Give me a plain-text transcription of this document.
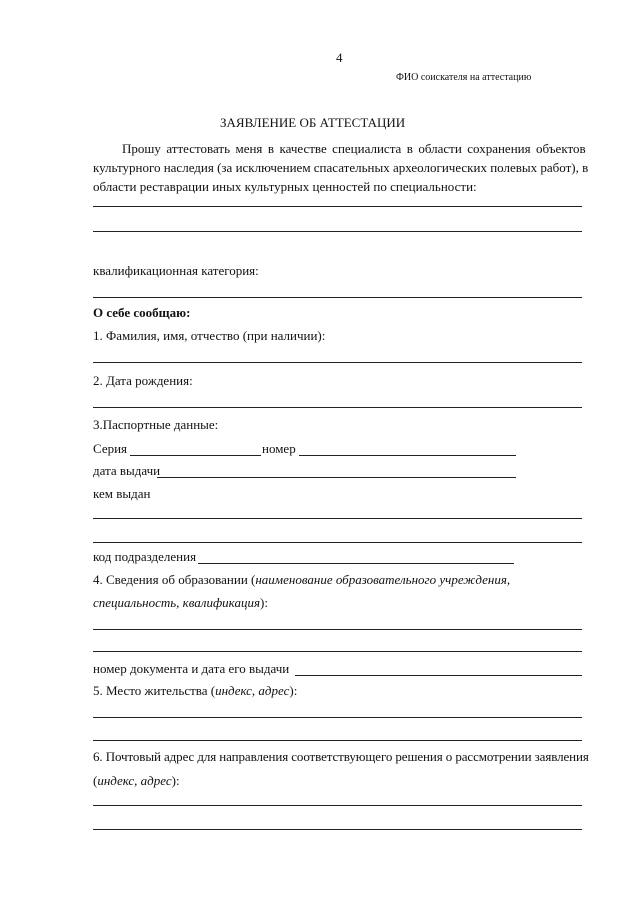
4
ФИО соискателя на аттестацию
ЗАЯВЛЕНИЕ ОБ АТТЕСТАЦИИ
Прошу аттестовать меня в качестве специалиста в области сохранения объектов
культурного наследия (за исключением спасательных археологических полевых работ), в
области реставрации иных культурных ценностей по специальности:
квалификационная категория:
О себе сообщаю:
1. Фамилия, имя, отчество (при наличии):
2. Дата рождения:
3.Паспортные данные:
Серия	номер
дата выдачи
кем выдан
код подразделения
4. Сведения об образовании (наименование образовательного учреждения,
специальность, квалификация):
номер документа и дата его выдачи
5. Место жительства (индекс, адрес):
6. Почтовый адрес для направления соответствующего решения о рассмотрении заявления
(индекс, адрес):
